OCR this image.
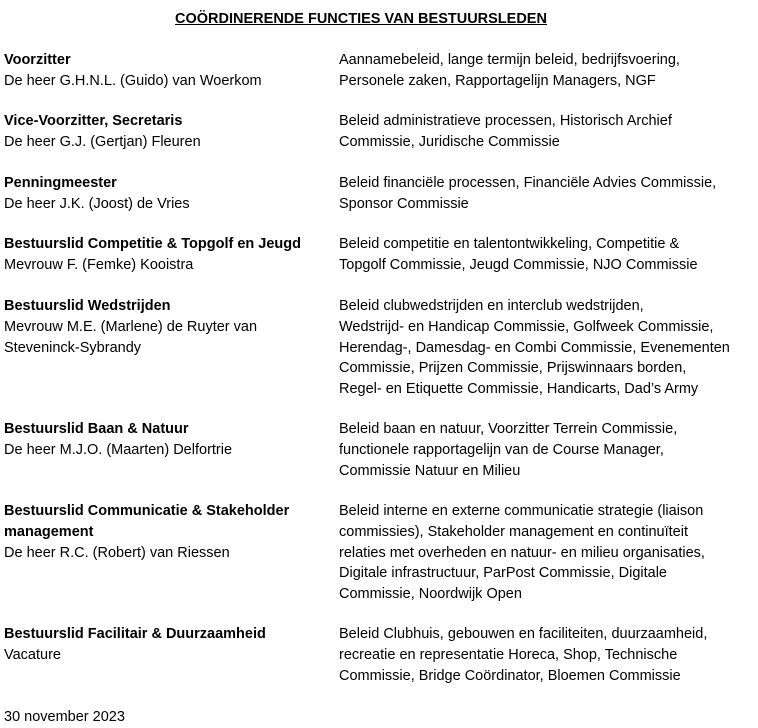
COÖRDINERENDE FUNCTIES VAN BESTUURSLEDEN
Voorzitter
De heer G.H.N.L. (Guido) van Woerkom
Aannamebeleid, lange termijn beleid, bedrijfsvoering,
Personele zaken, Rapportagelijn Managers, NGF
Vice-Voorzitter, Secretaris
De heer G.J. (Gertjan) Fleuren
Beleid administratieve processen, Historisch Archief
Commissie, Juridische Commissie
Penningmeester
De heer J.K. (Joost) de Vries
Beleid financiële processen, Financiële Advies Commissie,
Sponsor Commissie
Bestuurslid Competitie & Topgolf en Jeugd
Mevrouw F. (Femke) Kooistra
Beleid competitie en talentontwikkeling, Competitie &
Topgolf Commissie, Jeugd Commissie, NJO Commissie
Bestuurslid Wedstrijden
Mevrouw M.E. (Marlene) de Ruyter van
Steveninck-Sybrandy
Beleid clubwedstrijden en interclub wedstrijden,
Wedstrijd- en Handicap Commissie, Golfweek Commissie,
Herendag-, Damesdag- en Combi Commissie, Evenementen
Commissie, Prijzen Commissie, Prijswinnaars borden,
Regel- en Etiquette Commissie, Handicarts, Dad’s Army
Bestuurslid Baan & Natuur
De heer M.J.O. (Maarten) Delfortrie
Beleid baan en natuur, Voorzitter Terrein Commissie,
functionele rapportagelijn van de Course Manager,
Commissie Natuur en Milieu
Bestuurslid Communicatie & Stakeholder
management
De heer R.C. (Robert) van Riessen
Beleid interne en externe communicatie strategie (liaison
commissies), Stakeholder management en continuïteit
relaties met overheden en natuur- en milieu organisaties,
Digitale infrastructuur, ParPost Commissie, Digitale
Commissie, Noordwijk Open
Bestuurslid Facilitair & Duurzaamheid
Vacature
Beleid Clubhuis, gebouwen en faciliteiten, duurzaamheid,
recreatie en representatie Horeca, Shop, Technische
Commissie, Bridge Coördinator, Bloemen Commissie
30 november 2023
